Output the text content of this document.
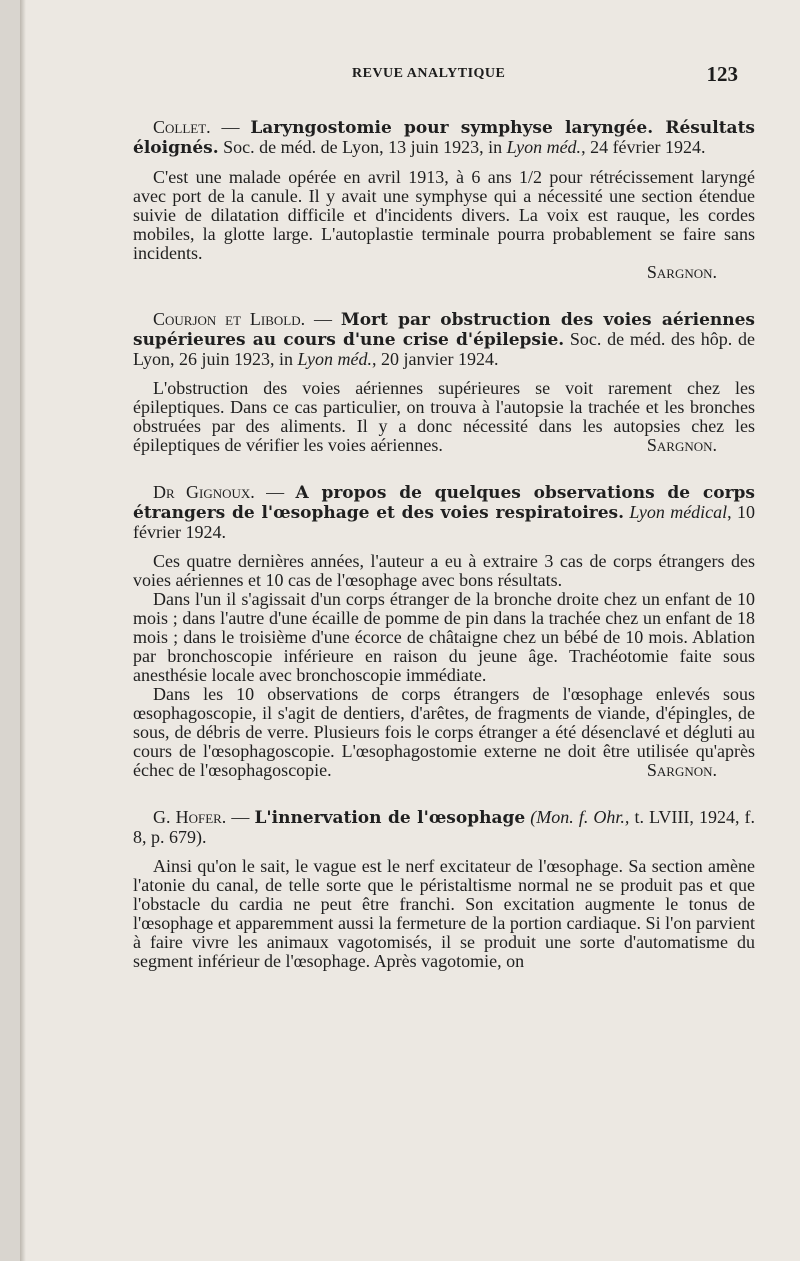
REVUE ANALYTIQUE	123

Collet. — Laryngostomie pour symphyse laryngée. Résultats éloignés. Soc. de méd. de Lyon, 13 juin 1923, in Lyon méd., 24 février 1924.

C'est une malade opérée en avril 1913, à 6 ans 1/2 pour rétrécissement laryngé avec port de la canule. Il y avait une symphyse qui a nécessité une section étendue suivie de dilatation difficile et d'incidents divers. La voix est rauque, les cordes mobiles, la glotte large. L'autoplastie terminale pourra probablement se faire sans incidents.

Sargnon.

Courjon et Libold. — Mort par obstruction des voies aériennes supérieures au cours d'une crise d'épilepsie. Soc. de méd. des hôp. de Lyon, 26 juin 1923, in Lyon méd., 20 janvier 1924.

L'obstruction des voies aériennes supérieures se voit rarement chez les épileptiques. Dans ce cas particulier, on trouva à l'autopsie la trachée et les bronches obstruées par des aliments. Il y a donc nécessité dans les autopsies chez les épileptiques de vérifier les voies aériennes.	Sargnon.

Dr Gignoux. — A propos de quelques observations de corps étrangers de l'œsophage et des voies respiratoires. Lyon médical, 10 février 1924.

Ces quatre dernières années, l'auteur a eu à extraire 3 cas de corps étrangers des voies aériennes et 10 cas de l'œsophage avec bons résultats.

Dans l'un il s'agissait d'un corps étranger de la bronche droite chez un enfant de 10 mois ; dans l'autre d'une écaille de pomme de pin dans la trachée chez un enfant de 18 mois ; dans le troisième d'une écorce de châtaigne chez un bébé de 10 mois. Ablation par bronchoscopie inférieure en raison du jeune âge. Trachéotomie faite sous anesthésie locale avec bronchoscopie immédiate.

Dans les 10 observations de corps étrangers de l'œsophage enlevés sous œsophagoscopie, il s'agit de dentiers, d'arêtes, de fragments de viande, d'épingles, de sous, de débris de verre. Plusieurs fois le corps étranger a été désenclavé et dégluti au cours de l'œsophagoscopie. L'œsophagostomie externe ne doit être utilisée qu'après échec de l'œsophagoscopie.	Sargnon.

G. Hofer. — L'innervation de l'œsophage (Mon. f. Ohr., t. LVIII, 1924, f. 8, p. 679).

Ainsi qu'on le sait, le vague est le nerf excitateur de l'œsophage. Sa section amène l'atonie du canal, de telle sorte que le péristaltisme normal ne se produit pas et que l'obstacle du cardia ne peut être franchi. Son excitation augmente le tonus de l'œsophage et apparemment aussi la fermeture de la portion cardiaque. Si l'on parvient à faire vivre les animaux vagotomisés, il se produit une sorte d'automatisme du segment inférieur de l'œsophage. Après vagotomie, on
